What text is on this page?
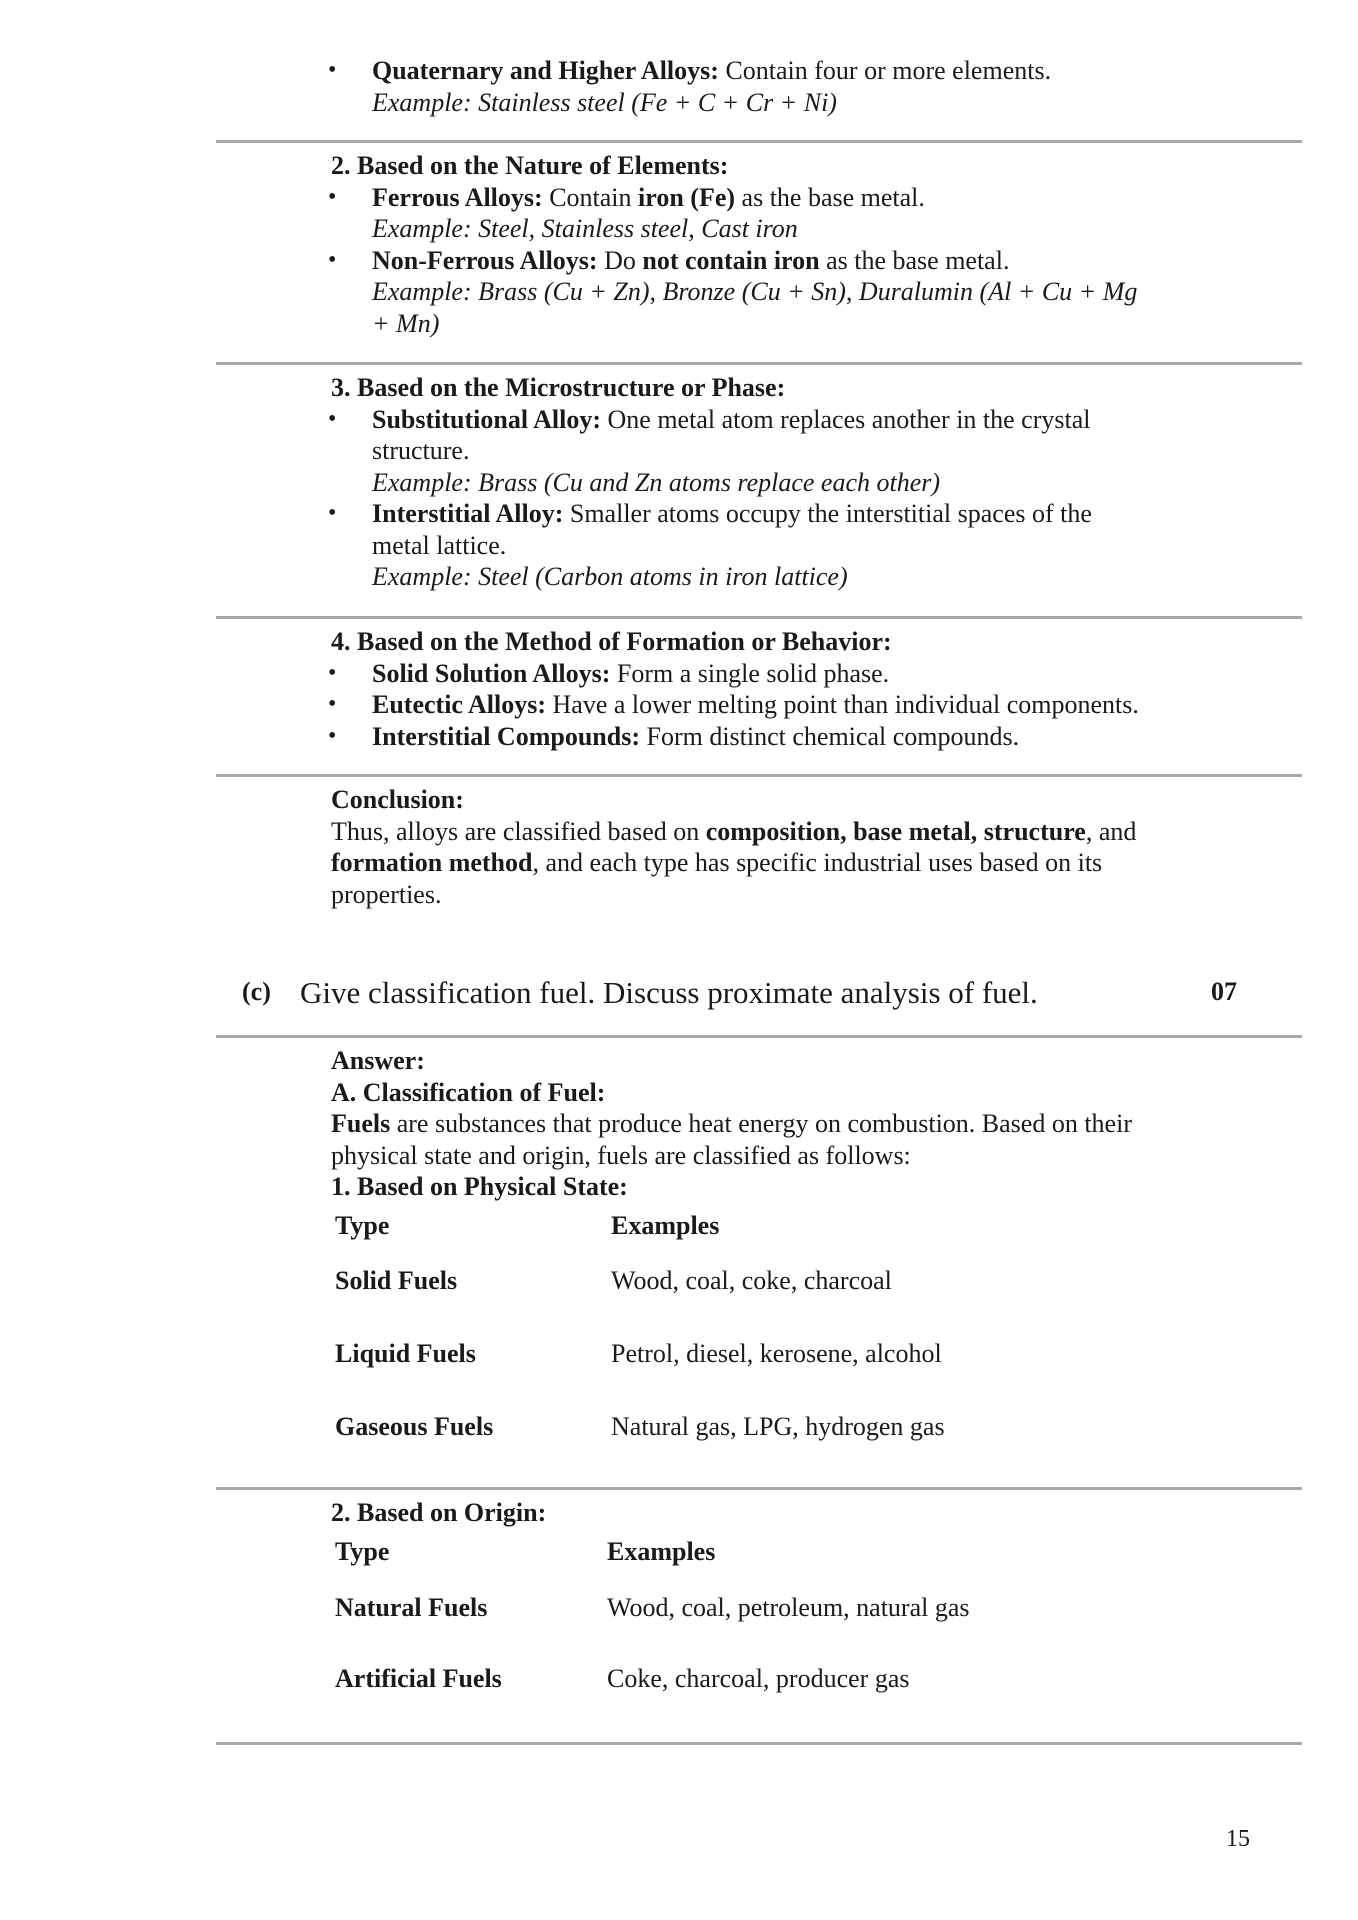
• Quaternary and Higher Alloys: Contain four or more elements.
Example: Stainless steel (Fe + C + Cr + Ni)
2. Based on the Nature of Elements:
• Ferrous Alloys: Contain iron (Fe) as the base metal.
Example: Steel, Stainless steel, Cast iron
• Non-Ferrous Alloys: Do not contain iron as the base metal.
Example: Brass (Cu + Zn), Bronze (Cu + Sn), Duralumin (Al + Cu + Mg
+ Mn)
3. Based on the Microstructure or Phase:
• Substitutional Alloy: One metal atom replaces another in the crystal
structure.
Example: Brass (Cu and Zn atoms replace each other)
• Interstitial Alloy: Smaller atoms occupy the interstitial spaces of the
metal lattice.
Example: Steel (Carbon atoms in iron lattice)
4. Based on the Method of Formation or Behavior:
• Solid Solution Alloys: Form a single solid phase.
• Eutectic Alloys: Have a lower melting point than individual components.
• Interstitial Compounds: Form distinct chemical compounds.
Conclusion:
Thus, alloys are classified based on composition, base metal, structure, and
formation method, and each type has specific industrial uses based on its
properties.
(c) Give classification fuel. Discuss proximate analysis of fuel.	07
Answer:
A. Classification of Fuel:
Fuels are substances that produce heat energy on combustion. Based on their
physical state and origin, fuels are classified as follows:
1. Based on Physical State:
Type	Examples
Solid Fuels	Wood, coal, coke, charcoal
Liquid Fuels	Petrol, diesel, kerosene, alcohol
Gaseous Fuels	Natural gas, LPG, hydrogen gas
2. Based on Origin:
Type	Examples
Natural Fuels	Wood, coal, petroleum, natural gas
Artificial Fuels	Coke, charcoal, producer gas
15
